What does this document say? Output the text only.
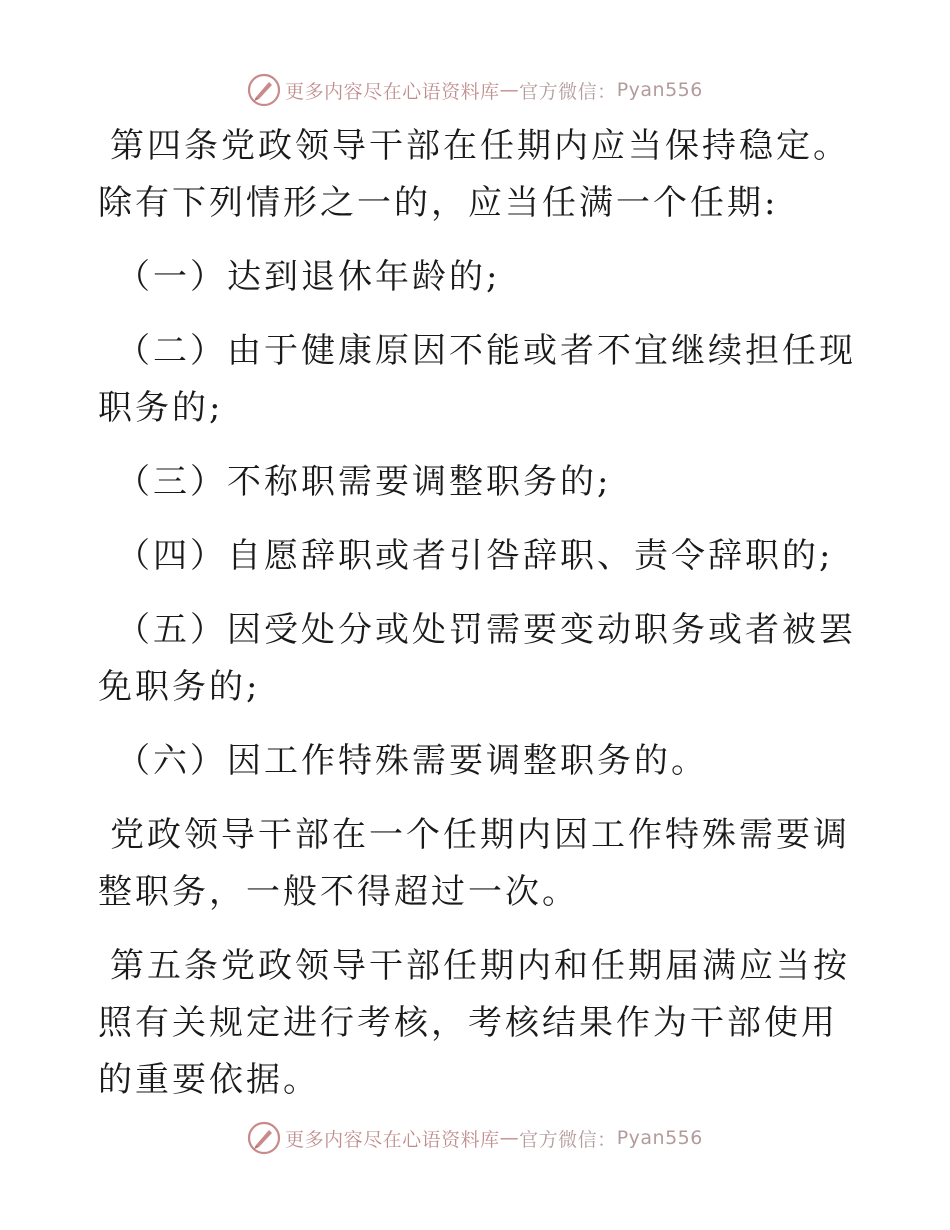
更多内容尽在心语资料库 — 官方微信： Pyan556

第四条党政领导干部在任期内应当保持稳定。除有下列情形之一的，应当任满一个任期:

（一）达到退休年龄的;

（二）由于健康原因不能或者不宜继续担任现职务的;

（三）不称职需要调整职务的;

（四）自愿辞职或者引咎辞职、责令辞职的;

（五）因受处分或处罚需要变动职务或者被罢免职务的;

（六）因工作特殊需要调整职务的。

党政领导干部在一个任期内因工作特殊需要调整职务，一般不得超过一次。

第五条党政领导干部任期内和任期届满应当按照有关规定进行考核，考核结果作为干部使用的重要依据。

更多内容尽在心语资料库 — 官方微信： Pyan556
